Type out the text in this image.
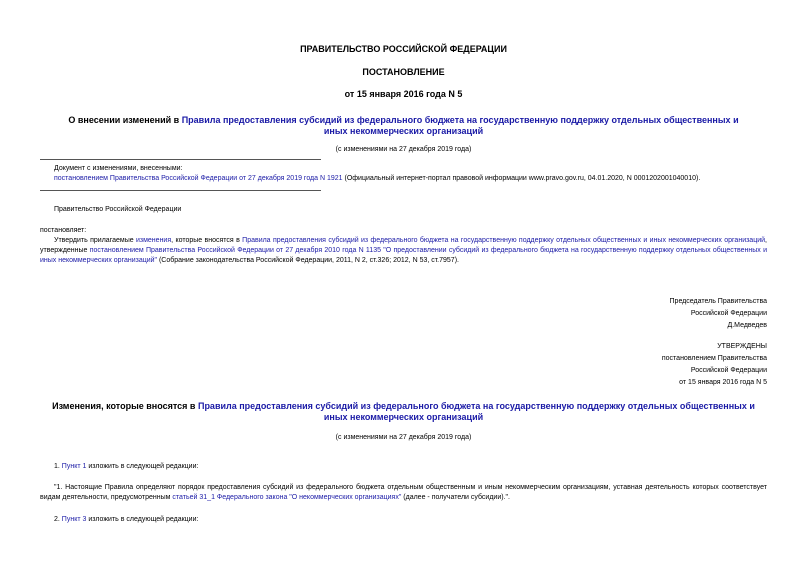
ПРАВИТЕЛЬСТВО РОССИЙСКОЙ ФЕДЕРАЦИИ
ПОСТАНОВЛЕНИЕ
от 15 января 2016 года N 5
О внесении изменений в Правила предоставления субсидий из федерального бюджета на государственную поддержку отдельных общественных и иных некоммерческих организаций
(с изменениями на 27 декабря 2019 года)
Документ с изменениями, внесенными:
постановлением Правительства Российской Федерации от 27 декабря 2019 года N 1921 (Официальный интернет-портал правовой информации www.pravo.gov.ru, 04.01.2020, N 0001202001040010).
Правительство Российской Федерации
постановляет:
Утвердить прилагаемые изменения, которые вносятся в Правила предоставления субсидий из федерального бюджета на государственную поддержку отдельных общественных и иных некоммерческих организаций, утвержденные постановлением Правительства Российской Федерации от 27 декабря 2010 года N 1135 "О предоставлении субсидий из федерального бюджета на государственную поддержку отдельных общественных и иных некоммерческих организаций" (Собрание законодательства Российской Федерации, 2011, N 2, ст.326; 2012, N 53, ст.7957).
Председатель Правительства
Российской Федерации
Д.Медведев
УТВЕРЖДЕНЫ
постановлением Правительства
Российской Федерации
от 15 января 2016 года N 5
Изменения, которые вносятся в Правила предоставления субсидий из федерального бюджета на государственную поддержку отдельных общественных и иных некоммерческих организаций
(с изменениями на 27 декабря 2019 года)
1. Пункт 1 изложить в следующей редакции:
"1. Настоящие Правила определяют порядок предоставления субсидий из федерального бюджета отдельным общественным и иным некоммерческим организациям, уставная деятельность которых соответствует видам деятельности, предусмотренным статьей 31_1 Федерального закона "О некоммерческих организациях" (далее - получатели субсидии).".
2. Пункт 3 изложить в следующей редакции:
